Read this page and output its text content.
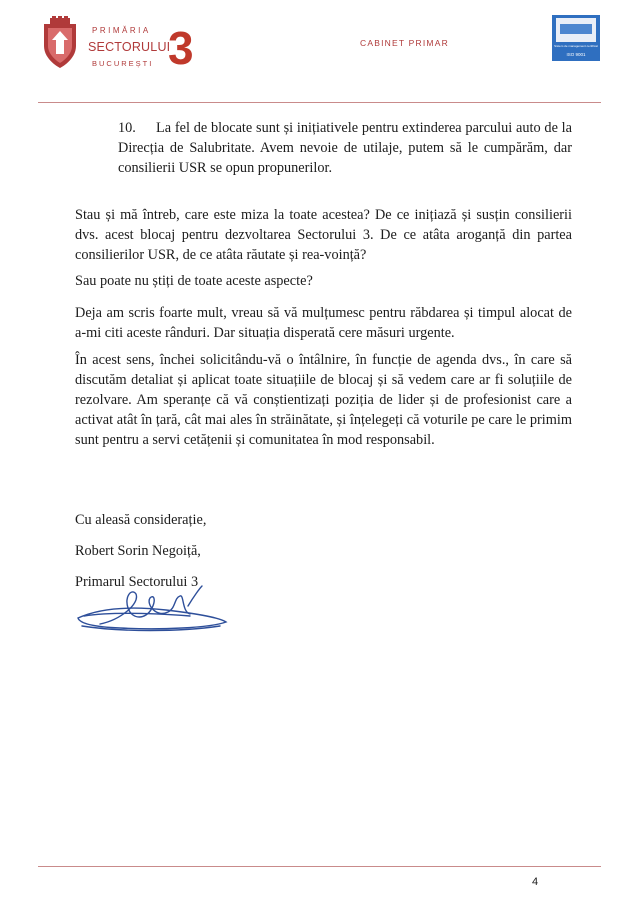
PRIMĂRIA
SECTORULUI
BUCUREȘTI 3	CABINET PRIMAR	Sistem de management certificat
ISO 9001
10. La fel de blocate sunt și inițiativele pentru extinderea parcului auto de la Direcția de Salubritate. Avem nevoie de utilaje, putem să le cumpărăm, dar consilierii USR se opun propunerilor.

Stau și mă întreb, care este miza la toate acestea? De ce inițiază și susțin consilierii dvs. acest blocaj pentru dezvoltarea Sectorului 3. De ce atâta aroganță din partea consilierilor USR, de ce atâta răutate și rea-voință?

Sau poate nu știți de toate aceste aspecte?

Deja am scris foarte mult, vreau să vă mulțumesc pentru răbdarea și timpul alocat de a-mi citi aceste rânduri. Dar situația disperată cere măsuri urgente.

În acest sens, închei solicitându-vă o întâlnire, în funcție de agenda dvs., în care să discutăm detaliat și aplicat toate situațiile de blocaj și să vedem care ar fi soluțiile de rezolvare. Am speranțe că vă conștientizați poziția de lider și de profesionist care a activat atât în țară, cât mai ales în străinătate, și înțelegeți că voturile pe care le primim sunt pentru a servi cetățenii și comunitatea în mod responsabil.

Cu aleasă considerație,
Robert Sorin Negoiță,
Primarul Sectorului 3
4
